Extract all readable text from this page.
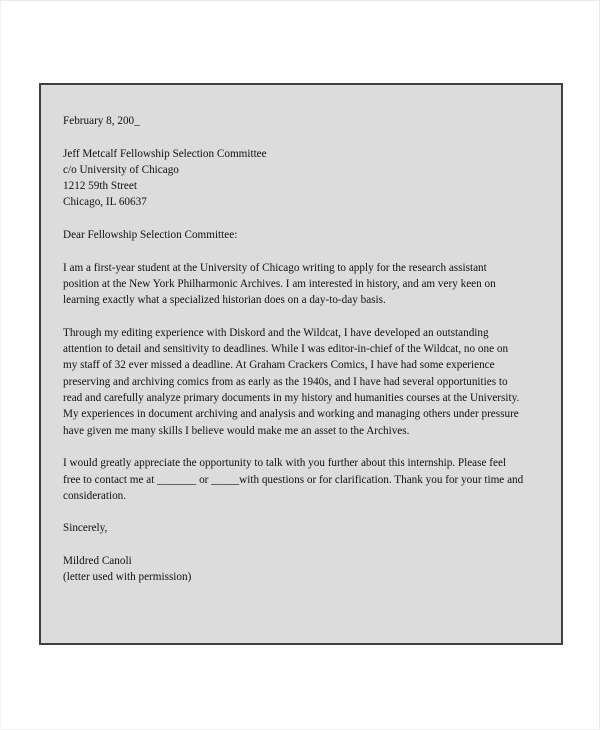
February 8, 200_
Jeff Metcalf Fellowship Selection Committee
c/o University of Chicago
1212 59th Street
Chicago, IL 60637
Dear Fellowship Selection Committee:

I am a first-year student at the University of Chicago writing to apply for the research assistant position at the New York Philharmonic Archives. I am interested in history, and am very keen on learning exactly what a specialized historian does on a day-to-day basis.

Through my editing experience with Diskord and the Wildcat, I have developed an outstanding attention to detail and sensitivity to deadlines. While I was editor-in-chief of the Wildcat, no one on my staff of 32 ever missed a deadline. At Graham Crackers Comics, I have had some experience preserving and archiving comics from as early as the 1940s, and I have had several opportunities to read and carefully analyze primary documents in my history and humanities courses at the University. My experiences in document archiving and analysis and working and managing others under pressure have given me many skills I believe would make me an asset to the Archives.

I would greatly appreciate the opportunity to talk with you further about this internship. Please feel free to contact me at _______ or _____with questions or for clarification. Thank you for your time and consideration.

Sincerely,
Mildred Canoli
(letter used with permission)
